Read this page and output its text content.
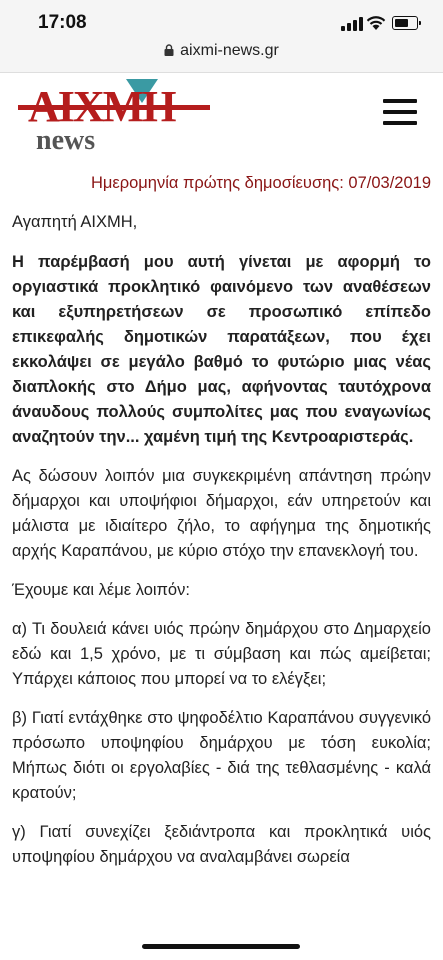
17:08
aixmi-news.gr
AIXMH
news
Ημερομηνία πρώτης δημοσίευσης: 07/03/2019
Αγαπητή ΑΙΧΜΗ,

Η παρέμβασή μου αυτή γίνεται με αφορμή το οργιαστικά προκλητικό φαινόμενο των αναθέσεων και εξυπηρετήσεων σε προσωπικό επίπεδο επικεφαλής δημοτικών παρατάξεων, που έχει εκκολάψει σε μεγάλο βαθμό το φυτώριο μιας νέας διαπλοκής στο Δήμο μας, αφήνοντας ταυτόχρονα άναυδους πολλούς συμπολίτες μας που εναγωνίως αναζητούν την... χαμένη τιμή της Κεντροαριστεράς.

Ας δώσουν λοιπόν μια συγκεκριμένη απάντηση πρώην δήμαρχοι και υποψήφιοι δήμαρχοι, εάν υπηρετούν και μάλιστα με ιδιαίτερο ζήλο, το αφήγημα της δημοτικής αρχής Καραπάνου, με κύριο στόχο την επανεκλογή του.

Έχουμε και λέμε λοιπόν:

α) Τι δουλειά κάνει υιός πρώην δημάρχου στο Δημαρχείο εδώ και 1,5 χρόνο, με τι σύμβαση και πώς αμείβεται; Υπάρχει κάποιος που μπορεί να το ελέγξει;

β) Γιατί εντάχθηκε στο ψηφοδέλτιο Καραπάνου συγγενικό πρόσωπο υποψηφίου δημάρχου με τόση ευκολία; Μήπως διότι οι εργολαβίες - διά της τεθλασμένης - καλά κρατούν;

γ) Γιατί συνεχίζει ξεδιάντροπα και προκλητικά υιός υποψηφίου δημάρχου να αναλαμβάνει σωρεία
